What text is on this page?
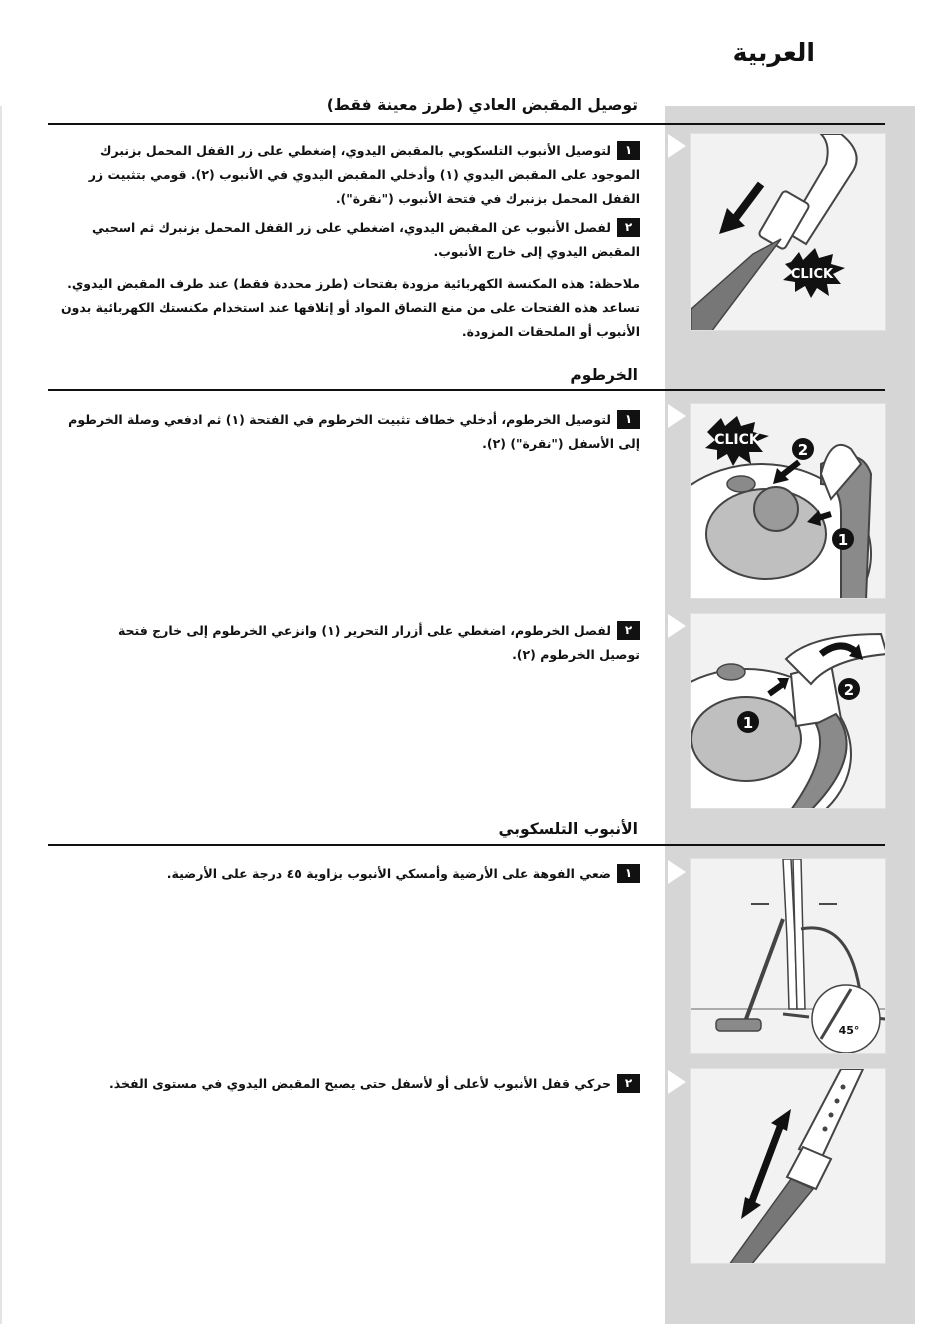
العربية
توصيل المقبض العادي (طرز معينة فقط)
١لتوصيل الأنبوب التلسكوبي بالمقبض اليدوي، إضغطي على زر القفل المحمل بزنبرك الموجود على المقبض اليدوي (١) وأدخلي المقبض اليدوي في الأنبوب (٢). قومي بتثبيت زر القفل المحمل بزنبرك في فتحة الأنبوب ("نقرة").
٢لفصل الأنبوب عن المقبض اليدوي، اضغطي على زر القفل المحمل بزنبرك ثم اسحبي المقبض اليدوي إلى خارج الأنبوب.
ملاحظة: هذه المكنسة الكهربائية مزودة بفتحات (طرز محددة فقط) عند طرف المقبض اليدوي. تساعد هذه الفتحات على من منع التصاق المواد أو إتلافها عند استخدام مكنستك الكهربائية بدون الأنبوب أو الملحقات المزودة.
CLICK
الخرطوم
١لتوصيل الخرطوم، أدخلي خطاف تثبيت الخرطوم في الفتحة (١) ثم ادفعي وصلة الخرطوم إلى الأسفل ("نقرة") (٢).
٢لفصل الخرطوم، اضغطي على أزرار التحرير (١) وانزعي الخرطوم إلى خارج فتحة توصيل الخرطوم (٢).
CLICK
2
1
2
1
الأنبوب التلسكوبي
١ضعي الفوهة على الأرضية وأمسكي الأنبوب بزاوية ٤٥ درجة على الأرضية.
٢حركي قفل الأنبوب لأعلى أو لأسفل حتى يصبح المقبض اليدوي في مستوى الفخذ.
45°
